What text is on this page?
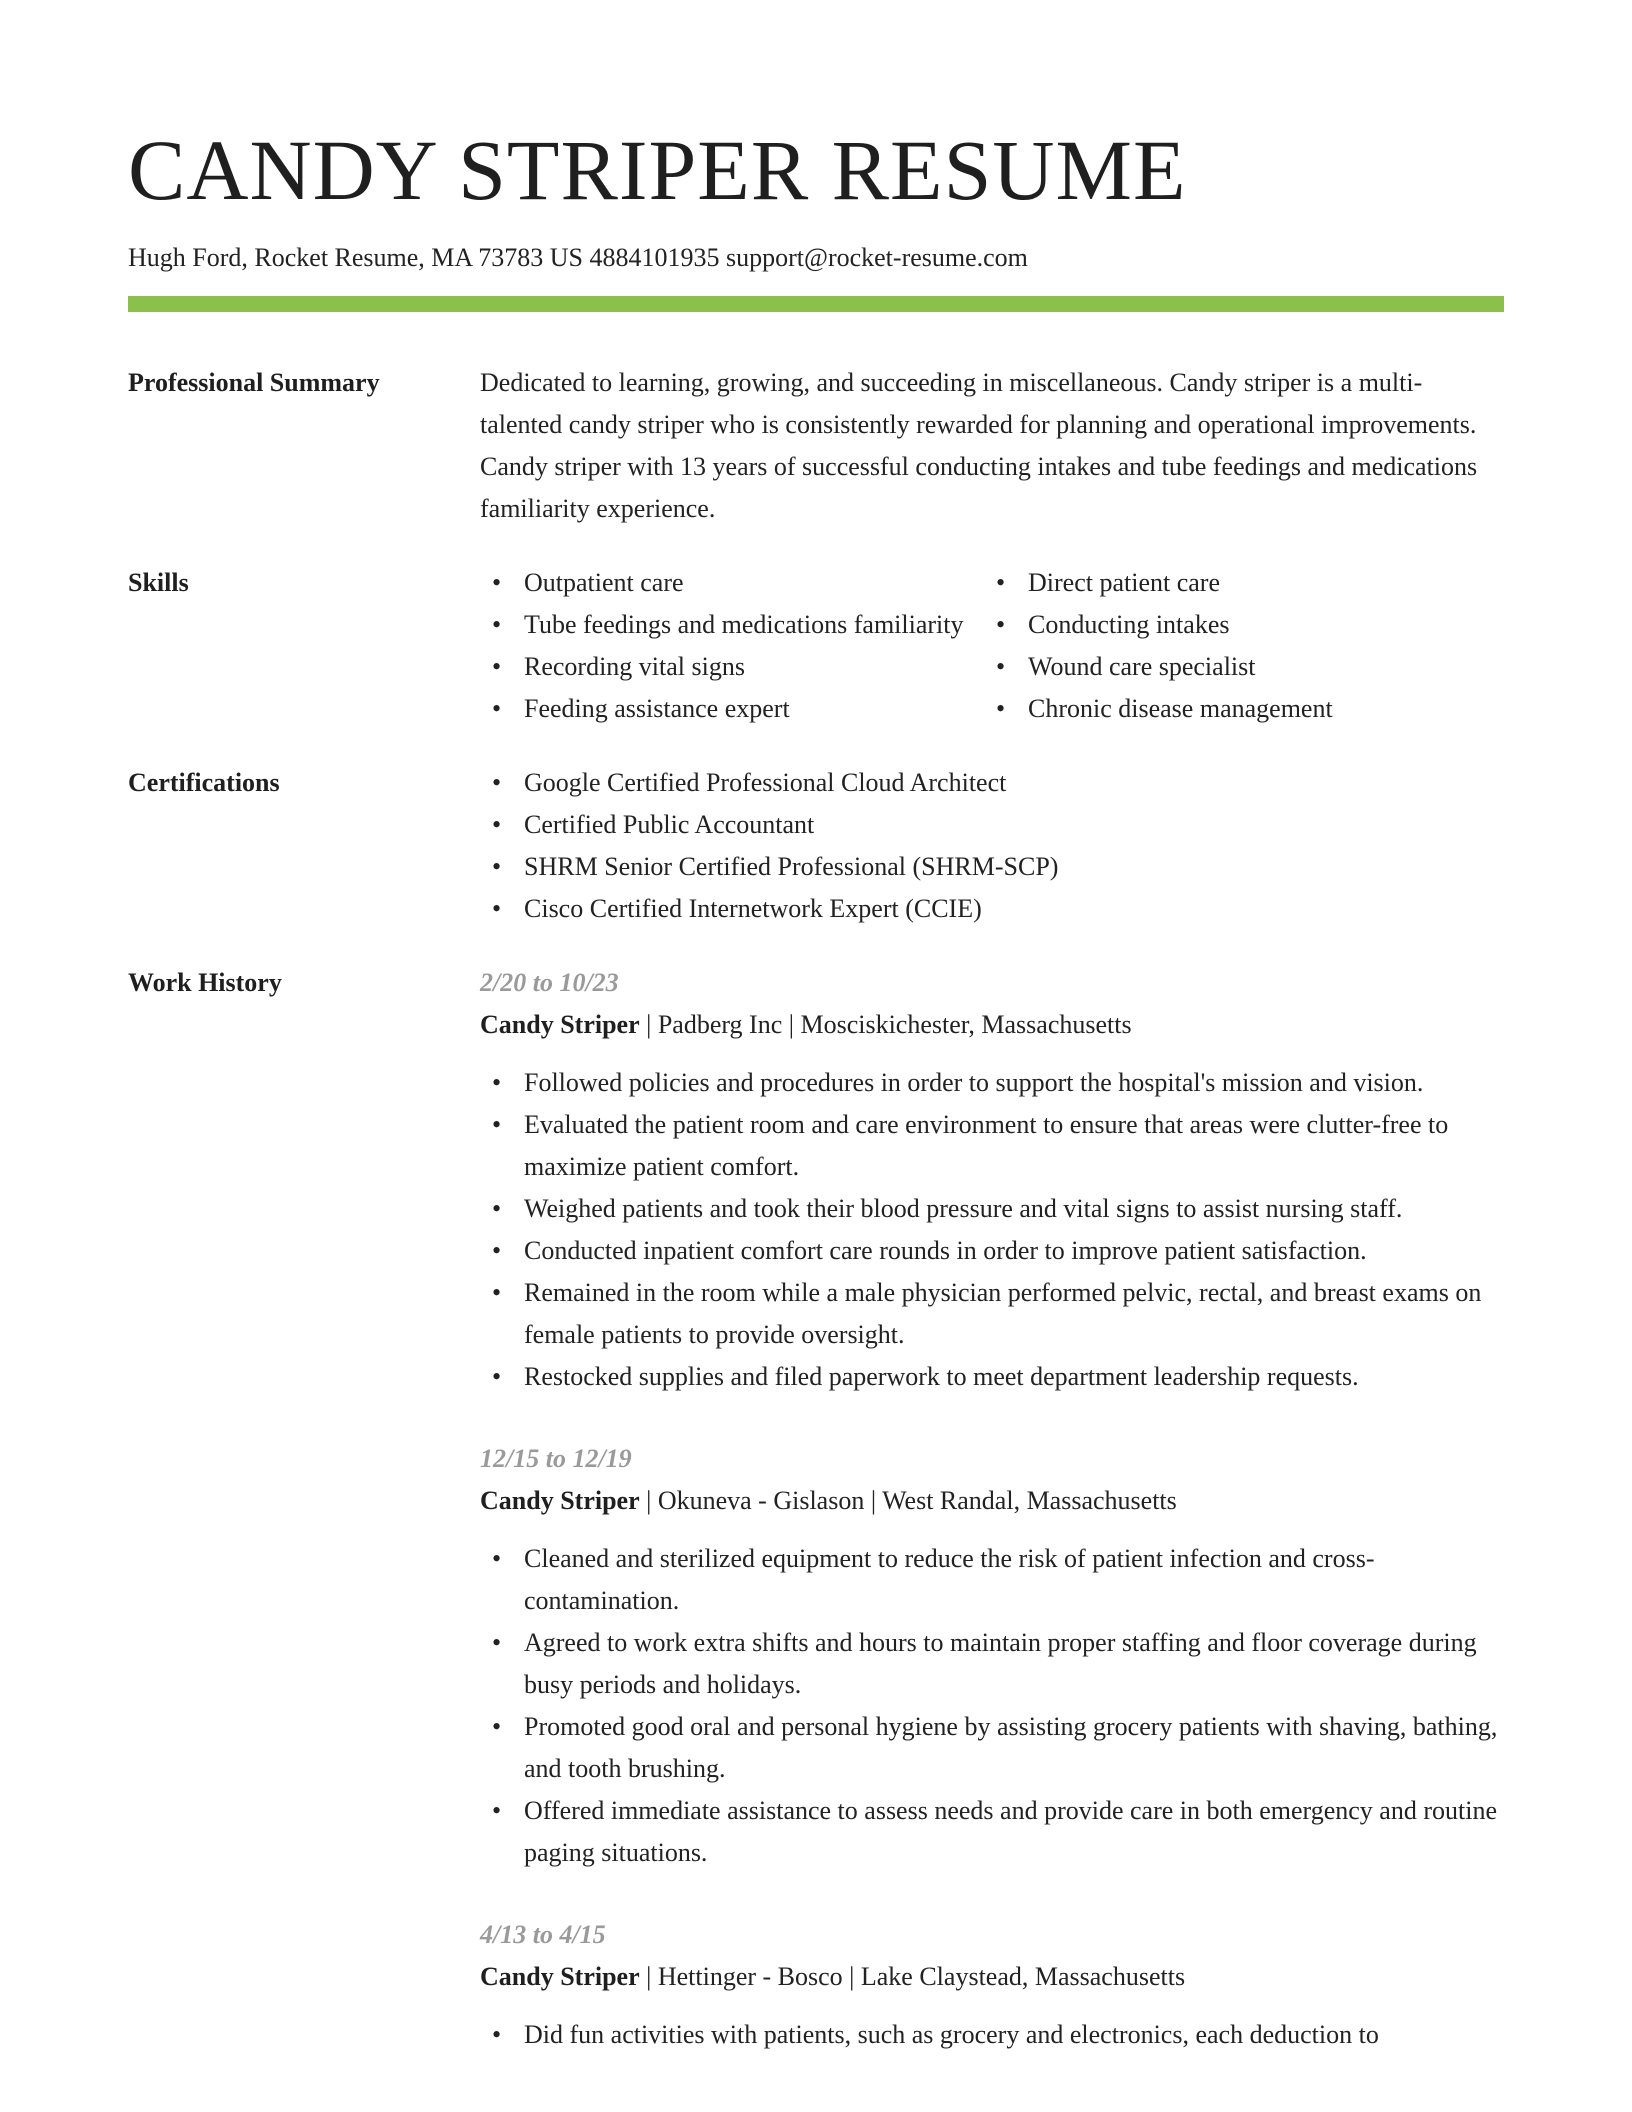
CANDY STRIPER RESUME
Hugh Ford, Rocket Resume, MA 73783 US 4884101935 support@rocket-resume.com
Professional Summary	Dedicated to learning, growing, and succeeding in miscellaneous. Candy striper is a multi-talented candy striper who is consistently rewarded for planning and operational improvements. Candy striper with 13 years of successful conducting intakes and tube feedings and medications familiarity experience.
Skills	• Outpatient care
• Tube feedings and medications familiarity
• Recording vital signs
• Feeding assistance expert
• Direct patient care
• Conducting intakes
• Wound care specialist
• Chronic disease management
Certifications	• Google Certified Professional Cloud Architect
• Certified Public Accountant
• SHRM Senior Certified Professional (SHRM-SCP)
• Cisco Certified Internetwork Expert (CCIE)
Work History	2/20 to 10/23
Candy Striper | Padberg Inc | Mosciskichester, Massachusetts
• Followed policies and procedures in order to support the hospital's mission and vision.
• Evaluated the patient room and care environment to ensure that areas were clutter-free to maximize patient comfort.
• Weighed patients and took their blood pressure and vital signs to assist nursing staff.
• Conducted inpatient comfort care rounds in order to improve patient satisfaction.
• Remained in the room while a male physician performed pelvic, rectal, and breast exams on female patients to provide oversight.
• Restocked supplies and filed paperwork to meet department leadership requests.
12/15 to 12/19
Candy Striper | Okuneva - Gislason | West Randal, Massachusetts
• Cleaned and sterilized equipment to reduce the risk of patient infection and cross-contamination.
• Agreed to work extra shifts and hours to maintain proper staffing and floor coverage during busy periods and holidays.
• Promoted good oral and personal hygiene by assisting grocery patients with shaving, bathing, and tooth brushing.
• Offered immediate assistance to assess needs and provide care in both emergency and routine paging situations.
4/13 to 4/15
Candy Striper | Hettinger - Bosco | Lake Claystead, Massachusetts
• Did fun activities with patients, such as grocery and electronics, each deduction to
